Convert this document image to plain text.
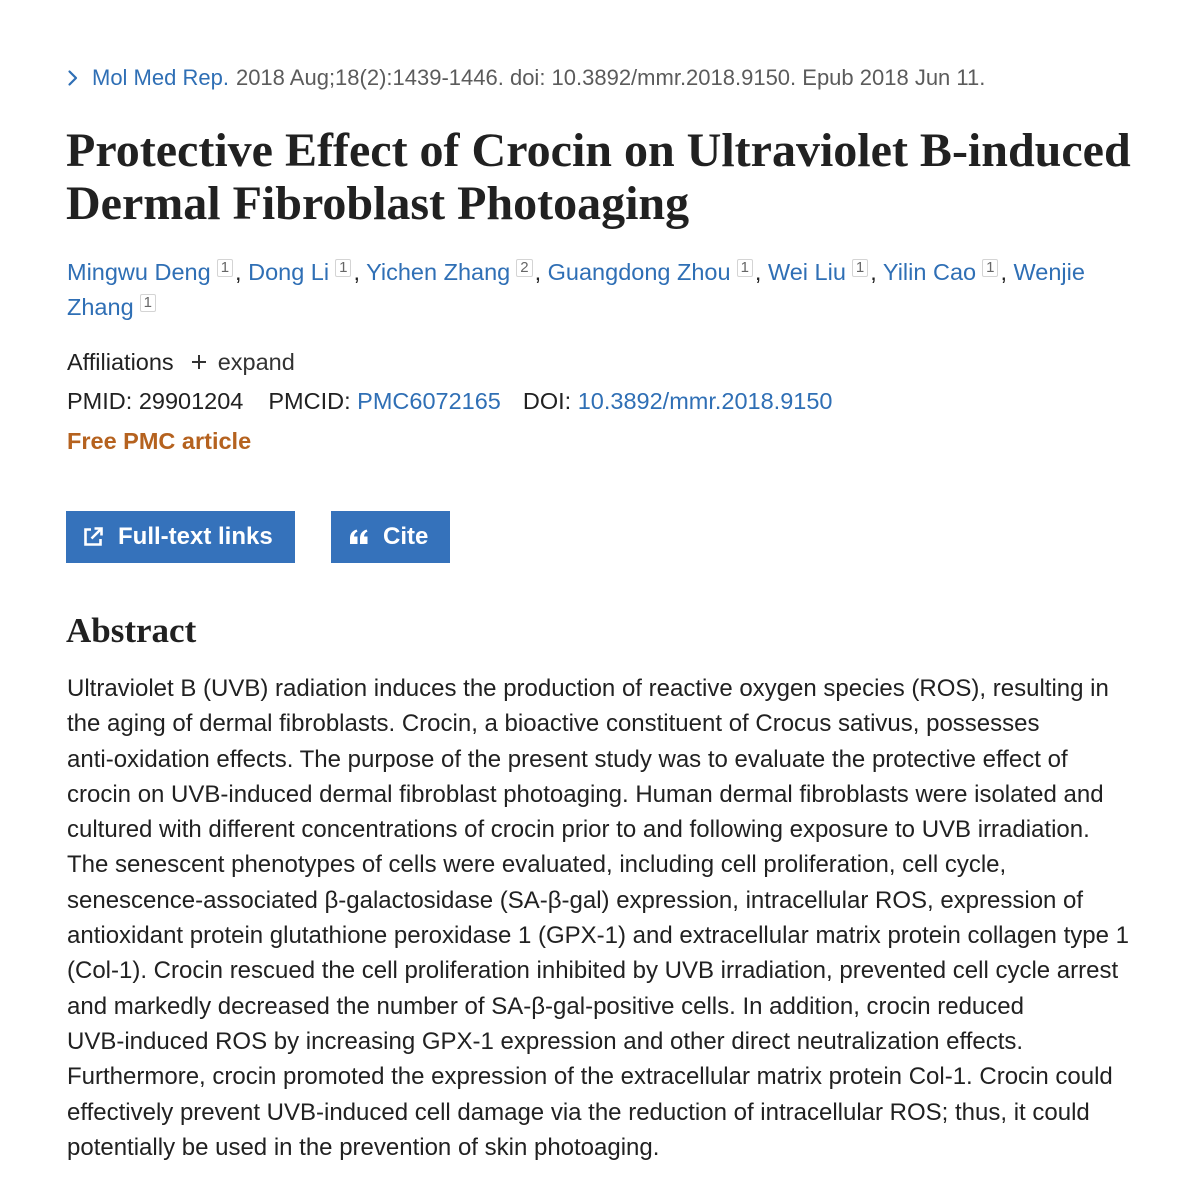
Mol Med Rep. 2018 Aug;18(2):1439-1446. doi: 10.3892/mmr.2018.9150. Epub 2018 Jun 11.
Protective Effect of Crocin on Ultraviolet B-induced Dermal Fibroblast Photoaging
Mingwu Deng 1 , Dong Li 1 , Yichen Zhang 2 , Guangdong Zhou 1 , Wei Liu 1 , Yilin Cao 1 , Wenjie Zhang 1
Affiliations expand
PMID: 29901204 PMCID: PMC6072165 DOI: 10.3892/mmr.2018.9150
Free PMC article
Full-text links	Cite
Abstract
Ultraviolet B (UVB) radiation induces the production of reactive oxygen species (ROS), resulting in
the aging of dermal fibroblasts. Crocin, a bioactive constituent of Crocus sativus, possesses
anti-oxidation effects. The purpose of the present study was to evaluate the protective effect of
crocin on UVB-induced dermal fibroblast photoaging. Human dermal fibroblasts were isolated and
cultured with different concentrations of crocin prior to and following exposure to UVB irradiation.
The senescent phenotypes of cells were evaluated, including cell proliferation, cell cycle,
senescence-associated β-galactosidase (SA-β-gal) expression, intracellular ROS, expression of
antioxidant protein glutathione peroxidase 1 (GPX-1) and extracellular matrix protein collagen type 1
(Col-1). Crocin rescued the cell proliferation inhibited by UVB irradiation, prevented cell cycle arrest
and markedly decreased the number of SA-β-gal-positive cells. In addition, crocin reduced
UVB-induced ROS by increasing GPX-1 expression and other direct neutralization effects.
Furthermore, crocin promoted the expression of the extracellular matrix protein Col-1. Crocin could
effectively prevent UVB-induced cell damage via the reduction of intracellular ROS; thus, it could
potentially be used in the prevention of skin photoaging.
